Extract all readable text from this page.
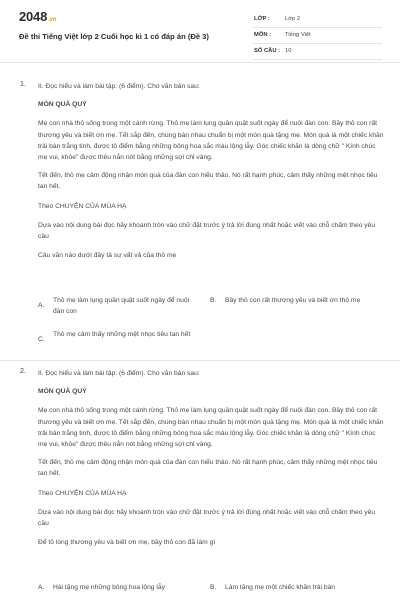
2048.vn
Đề thi Tiếng Việt lớp 2 Cuối học kì 1 có đáp án (Đề 3)
LỚP :	Lớp 2
MÔN : Tiếng Việt
SỐ CÂU : 10
1. II. Đọc hiểu và làm bài tập: (6 điểm). Cho văn bản sau:

MÓN QUÀ QUÝ

Mẹ con nhà thỏ sống trong một cánh rừng. Thỏ mẹ làm lụng quần quật suốt ngày để nuôi đàn con. Bầy thỏ con rất thương yêu và biết ơn mẹ. Tết sắp đến, chúng bàn nhau chuẩn bị một món quà tặng mẹ. Món quà là một chiếc khăn trải bàn trắng tinh, được tô điểm bằng những bông hoa sắc màu lộng lẫy. Góc chiếc khăn là dòng chữ " Kính chúc mẹ vui, khỏe" được thêu nắn nót bằng những sợi chỉ vàng.

Tết đến, thỏ mẹ cảm động nhận món quà của đàn con hiếu thảo. Nó rất hạnh phúc, cảm thấy những mệt nhọc tiêu tan hết.

Theo CHUYỆN CỦA MÙA HẠ

Dựa vào nội dung bài đọc hãy khoanh tròn vào chữ đặt trước ý trả lời đúng nhất hoặc viết vào chỗ chấm theo yêu cầu

Câu văn nào dưới đây tả sự vất vả của thỏ mẹ

A.
Thỏ mẹ làm lụng quần quật suốt ngày để nuôi đàn con
B. Bầy thỏ con rất thương yêu và biết ơn thỏ mẹ
C.
Thỏ mẹ cảm thấy những mệt nhọc tiêu tan hết
2. II. Đọc hiểu và làm bài tập: (6 điểm). Cho văn bản sau:

MÓN QUÀ QUÝ

Mẹ con nhà thỏ sống trong một cánh rừng. Thỏ mẹ làm lụng quần quật suốt ngày để nuôi đàn con. Bầy thỏ con rất thương yêu và biết ơn mẹ. Tết sắp đến, chúng bàn nhau chuẩn bị một món quà tặng mẹ. Món quà là một chiếc khăn trải bàn trắng tinh, được tô điểm bằng những bông hoa sắc màu lộng lẫy. Góc chiếc khăn là dòng chữ " Kính chúc mẹ vui, khỏe" được thêu nắn nót bằng những sợi chỉ vàng.

Tết đến, thỏ mẹ cảm động nhận món quà của đàn con hiếu thảo. Nó rất hạnh phúc, cảm thấy những mệt nhọc tiêu tan hết.

Theo CHUYỆN CỦA MÙA HẠ

Dựa vào nội dung bài đọc hãy khoanh tròn vào chữ đặt trước ý trả lời đúng nhất hoặc viết vào chỗ chấm theo yêu cầu

Để tỏ lòng thương yêu và biết ơn mẹ, bầy thỏ con đã làm gì

A. Hái tặng mẹ những bông hoa lộng lẫy	B. Làm tặng mẹ một chiếc khăn trải bàn
